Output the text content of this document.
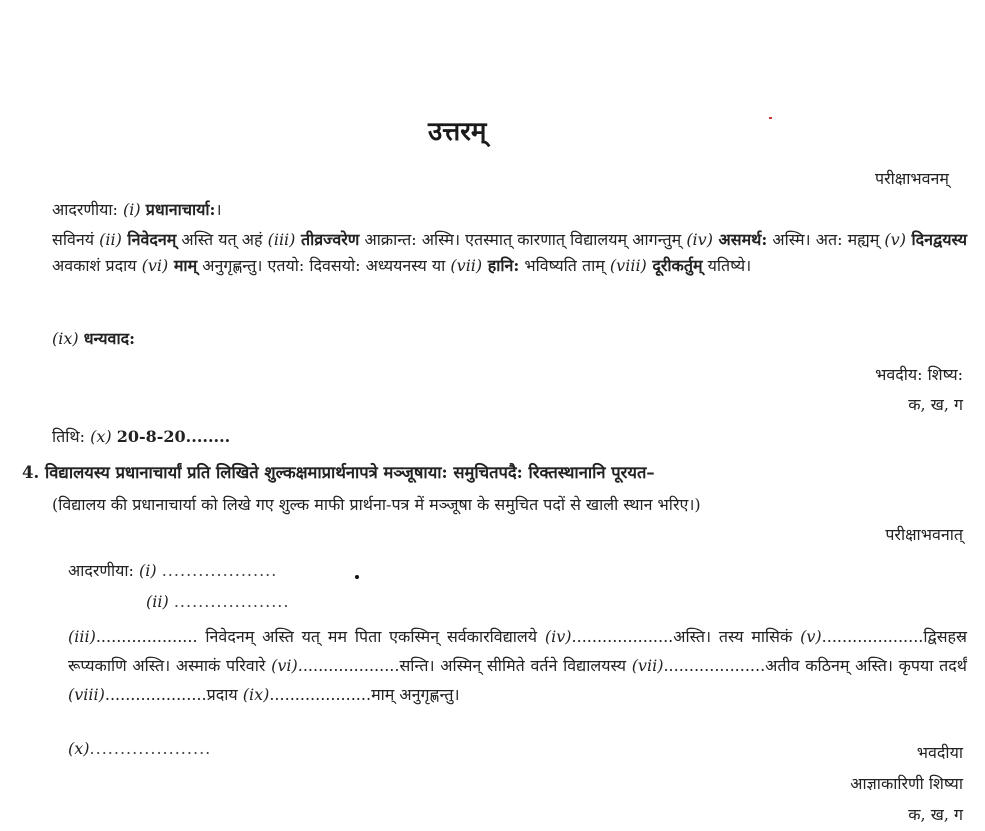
उत्तरम्
परीक्षाभवनम्
आदरणीया: (i) प्रधानाचार्या:।
सविनयं (ii) निवेदनम् अस्ति यत् अहं (iii) तीव्रज्वरेण आक्रान्त: अस्मि। एतस्मात् कारणात् विद्यालयम् आगन्तुम् (iv) असमर्थ: अस्मि। अत: मह्यम् (v) दिनद्वयस्य अवकाशं प्रदाय (vi) माम् अनुगृह्णन्तु। एतयो: दिवसयो: अध्ययनस्य या (vii) हानि: भविष्यति ताम् (viii) दूरीकर्तुम् यतिष्ये।
(ix) धन्यवाद:
भवदीय: शिष्य:
क, ख, ग
तिथि: (x) 20-8-20........
4. विद्यालयस्य प्रधानाचार्यां प्रति लिखिते शुल्कक्षमाप्रार्थनापत्रे मञ्जूषाया: समुचितपदै: रिक्तस्थानानि पूरयत–
(विद्यालय की प्रधानाचार्या को लिखे गए शुल्क माफी प्रार्थना-पत्र में मञ्जूषा के समुचित पदों से खाली स्थान भरिए।)
परीक्षाभवनात्
आदरणीया: (i) ...................
(ii) ...................
(iii).................... निवेदनम् अस्ति यत् मम पिता एकस्मिन् सर्वकारविद्यालये (iv)....................अस्ति। तस्य मासिकं (v)....................द्विसहस्र रूप्यकाणि अस्ति। अस्माकं परिवारे (vi)....................सन्ति। अस्मिन् सीमिते वर्तने विद्यालयस्य (vii)....................अतीव कठिनम् अस्ति। कृपया तदर्थं (viii)....................प्रदाय (ix)....................माम् अनुगृह्णन्तु।
(x)....................	भवदीया
आज्ञाकारिणी शिष्या
क, ख, ग
